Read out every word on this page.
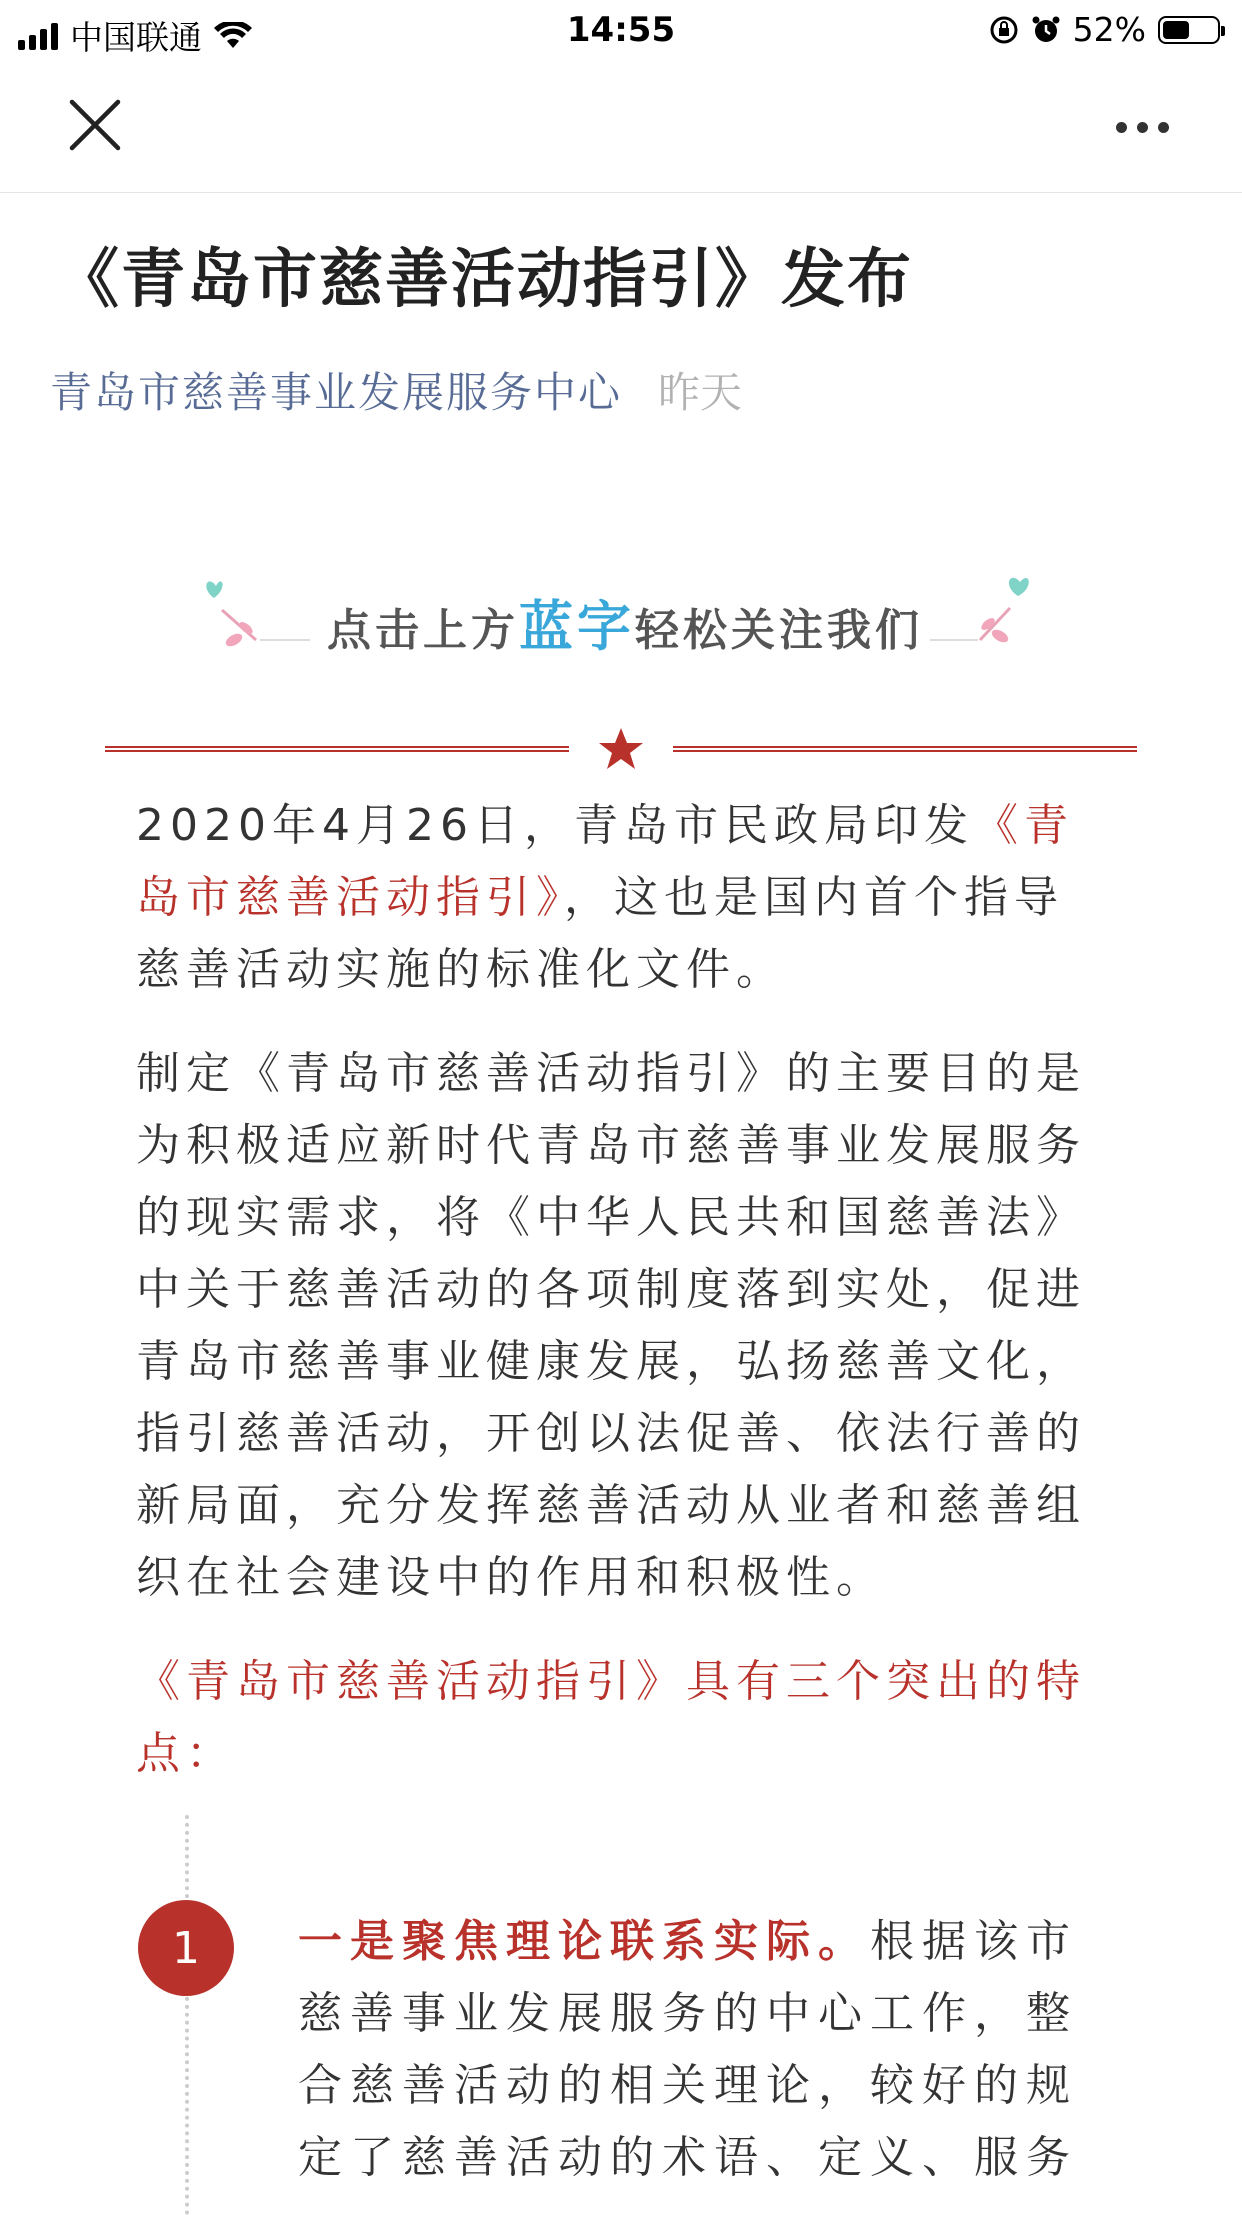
中国联通	14:55	52%
《青岛市慈善活动指引》发布
青岛市慈善事业发展服务中心 昨天
点击上方蓝字轻松关注我们

2020年4月26日，青岛市民政局印发《青岛市慈善活动指引》，这也是国内首个指导慈善活动实施的标准化文件。

制定《青岛市慈善活动指引》的主要目的是为积极适应新时代青岛市慈善事业发展服务的现实需求，将《中华人民共和国慈善法》中关于慈善活动的各项制度落到实处，促进青岛市慈善事业健康发展，弘扬慈善文化，指引慈善活动，开创以法促善、依法行善的新局面，充分发挥慈善活动从业者和慈善组织在社会建设中的作用和积极性。

《青岛市慈善活动指引》具有三个突出的特点：

1	一是聚焦理论联系实际。根据该市慈善事业发展服务的中心工作，整合慈善活动的相关理论，较好的规定了慈善活动的术语、定义、服务
